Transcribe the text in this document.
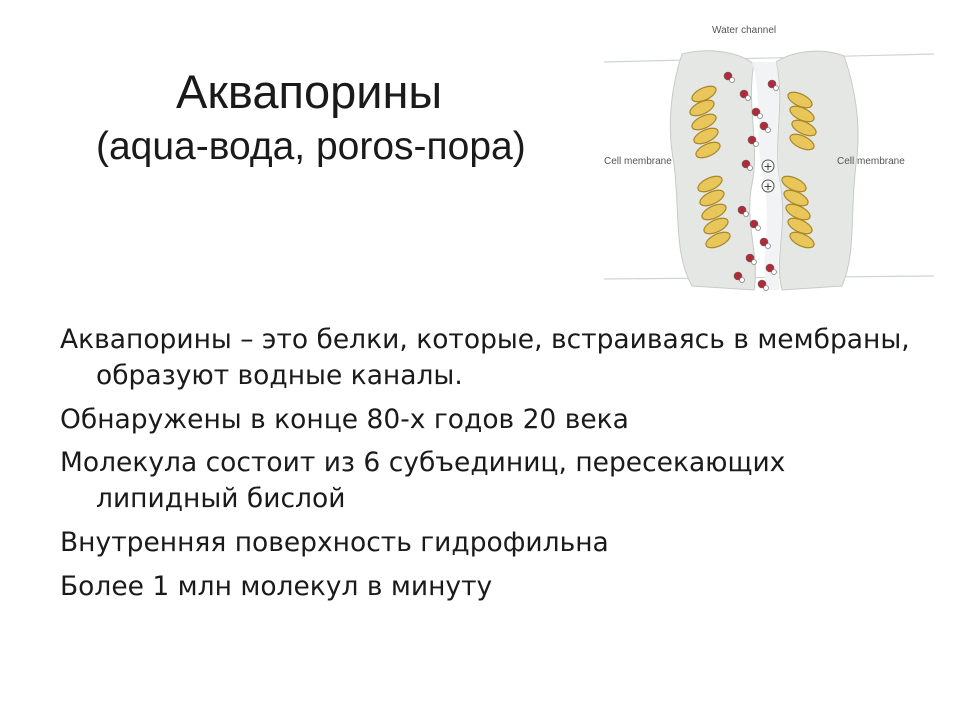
Аквапорины
(aqua-вода, poros-пора)	+
+
Water channel
Cell membrane	Cell membrane
Аквапорины – это белки, которые, встраиваясь в мембраны, образуют водные каналы.
Обнаружены в конце 80-х годов 20 века
Молекула состоит из 6 субъединиц, пересекающих липидный бислой
Внутренняя поверхность гидрофильна
Более 1 млн молекул в минуту
